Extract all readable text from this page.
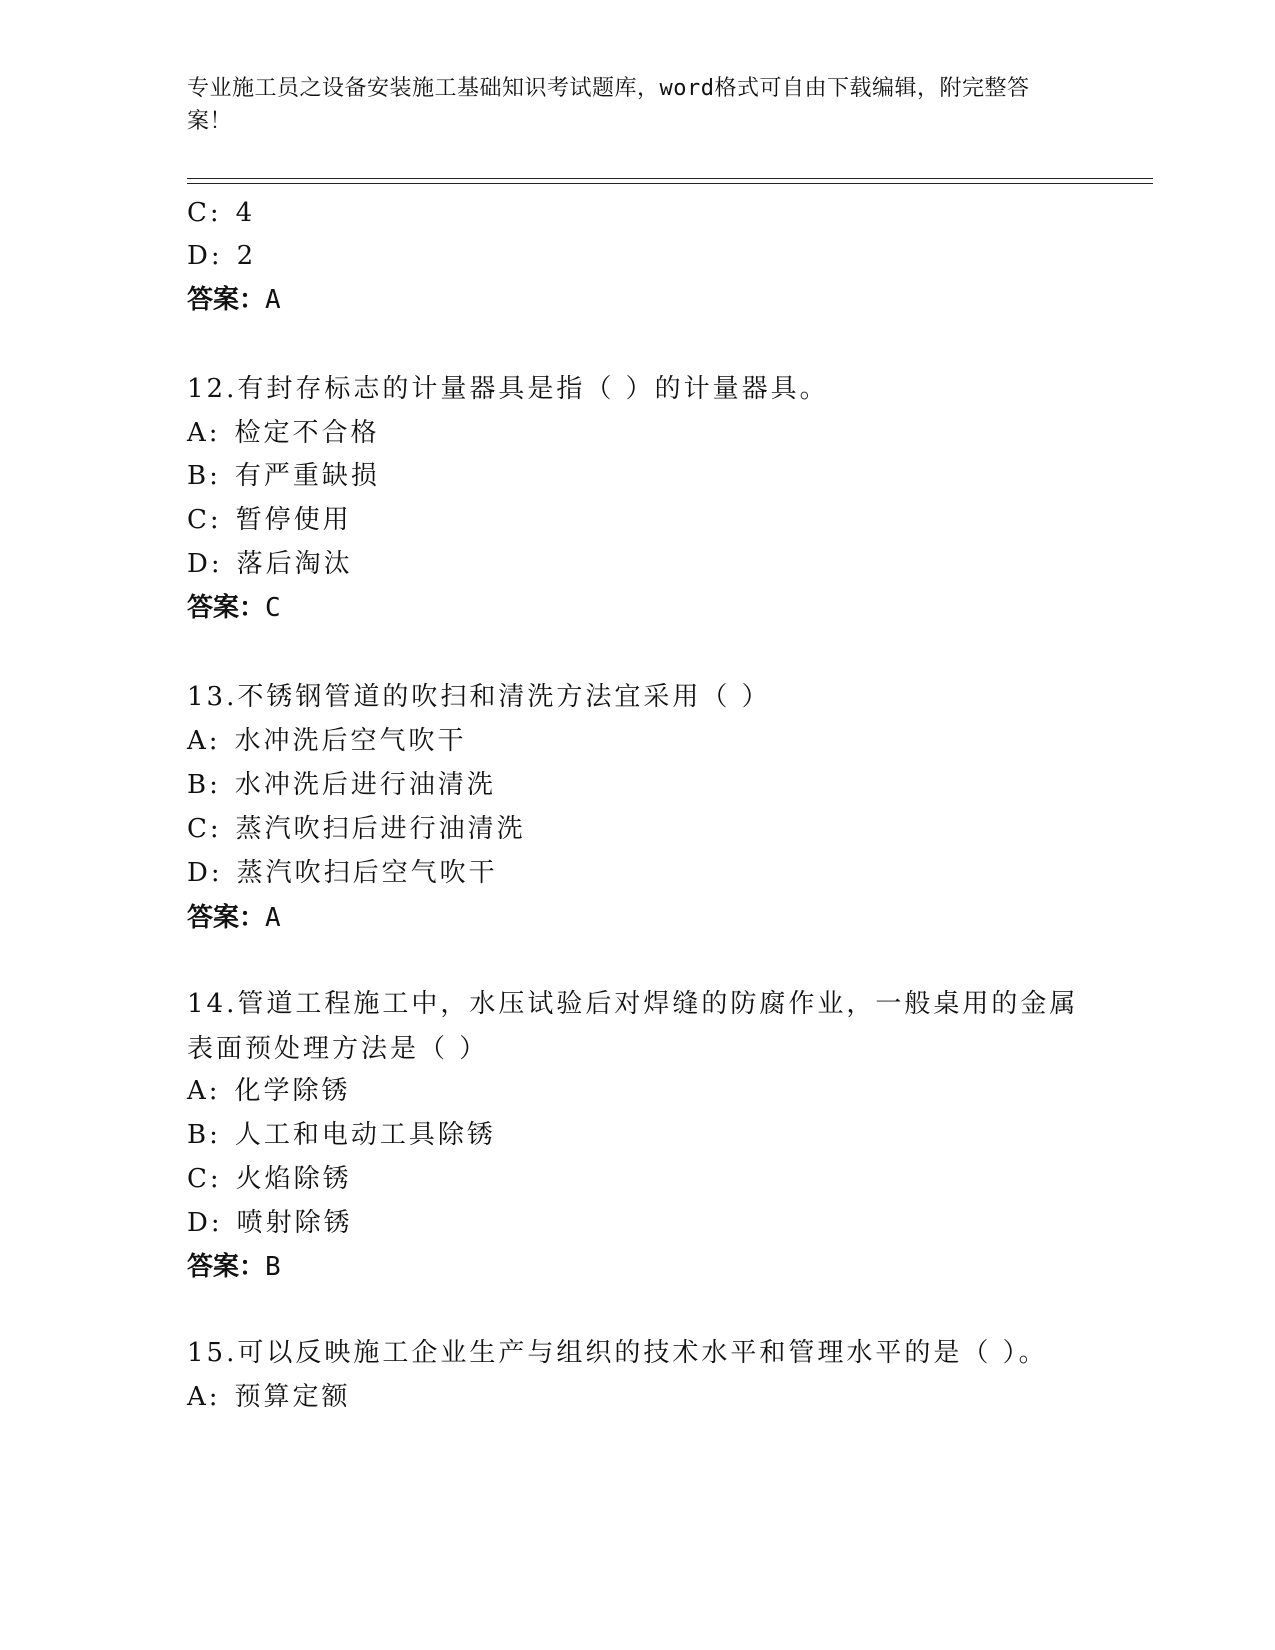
专业施工员之设备安装施工基础知识考试题库，word格式可自由下载编辑，附完整答案！
C: 4
D: 2
答案：A
12.有封存标志的计量器具是指（ ）的计量器具。
A: 检定不合格
B: 有严重缺损
C: 暂停使用
D: 落后淘汰
答案：C
13.不锈钢管道的吹扫和清洗方法宜采用（ ）
A: 水冲洗后空气吹干
B: 水冲洗后进行油清洗
C: 蒸汽吹扫后进行油清洗
D: 蒸汽吹扫后空气吹干
答案：A
14.管道工程施工中，水压试验后对焊缝的防腐作业，一般桌用的金属表面预处理方法是（ ）
A: 化学除锈
B: 人工和电动工具除锈
C: 火焰除锈
D: 喷射除锈
答案：B
15.可以反映施工企业生产与组织的技术水平和管理水平的是（ ）。
A: 预算定额
